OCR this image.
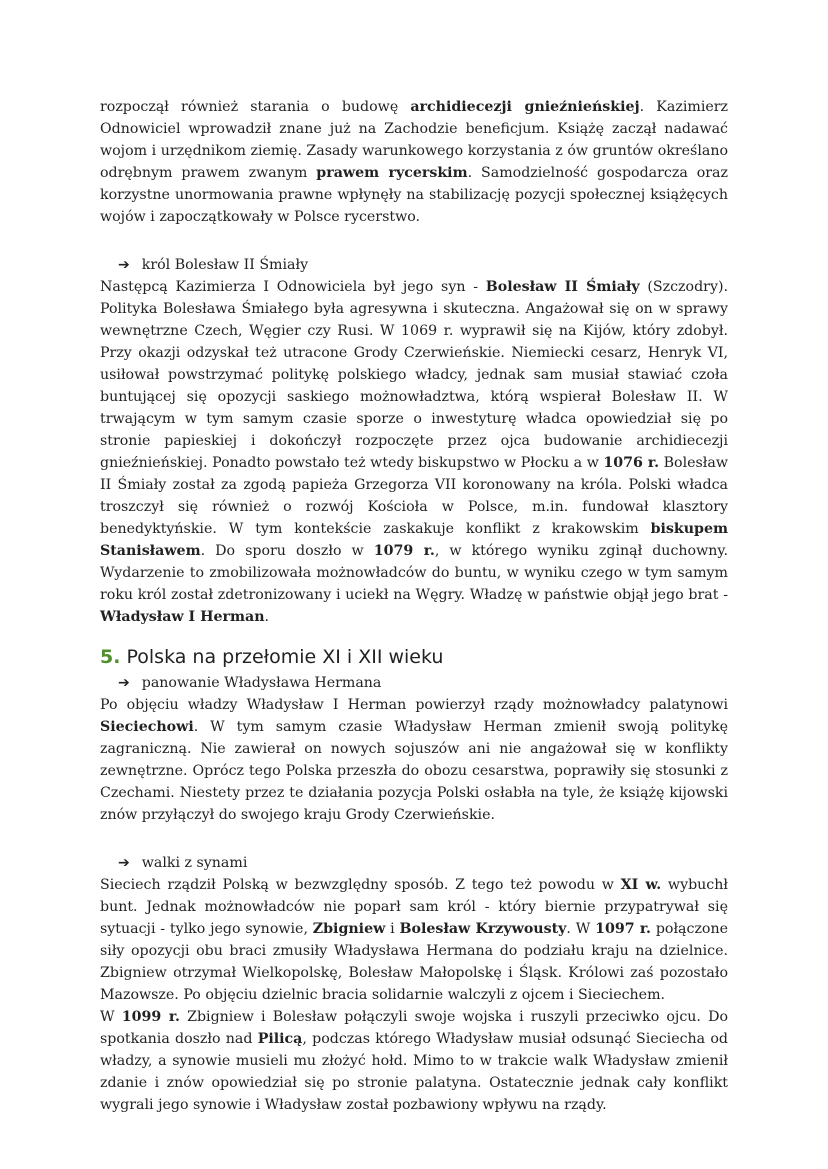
rozpoczął również starania o budowę archidiecezji gnieźnieńskiej. Kazimierz Odnowiciel wprowadził znane już na Zachodzie beneficjum. Książę zaczął nadawać wojom i urzędnikom ziemię. Zasady warunkowego korzystania z ów gruntów określano odrębnym prawem zwanym prawem rycerskim. Samodzielność gospodarcza oraz korzystne unormowania prawne wpłynęły na stabilizację pozycji społecznej książęcych wojów i zapoczątkowały w Polsce rycerstwo.

➔ król Bolesław II Śmiały

Następcą Kazimierza I Odnowiciela był jego syn - Bolesław II Śmiały (Szczodry). Polityka Bolesława Śmiałego była agresywna i skuteczna. Angażował się on w sprawy wewnętrzne Czech, Węgier czy Rusi. W 1069 r. wyprawił się na Kijów, który zdobył. Przy okazji odzyskał też utracone Grody Czerwieńskie. Niemiecki cesarz, Henryk VI, usiłował powstrzymać politykę polskiego władcy, jednak sam musiał stawiać czoła buntującej się opozycji saskiego możnowładztwa, którą wspierał Bolesław II. W trwającym w tym samym czasie sporze o inwestyturę władca opowiedział się po stronie papieskiej i dokończył rozpoczęte przez ojca budowanie archidiecezji gnieźnieńskiej. Ponadto powstało też wtedy biskupstwo w Płocku a w 1076 r. Bolesław II Śmiały został za zgodą papieża Grzegorza VII koronowany na króla. Polski władca troszczył się również o rozwój Kościoła w Polsce, m.in. fundował klasztory benedyktyńskie. W tym kontekście zaskakuje konflikt z krakowskim biskupem Stanisławem. Do sporu doszło w 1079 r., w którego wyniku zginął duchowny. Wydarzenie to zmobilizowała możnowładców do buntu, w wyniku czego w tym samym roku król został zdetronizowany i uciekł na Węgry. Władzę w państwie objął jego brat - Władysław I Herman.

5. Polska na przełomie XI i XII wieku
➔ panowanie Władysława Hermana

Po objęciu władzy Władysław I Herman powierzył rządy możnowładcy palatynowi Sieciechowi. W tym samym czasie Władysław Herman zmienił swoją politykę zagraniczną. Nie zawierał on nowych sojuszów ani nie angażował się w konflikty zewnętrzne. Oprócz tego Polska przeszła do obozu cesarstwa, poprawiły się stosunki z Czechami. Niestety przez te działania pozycja Polski osłabła na tyle, że książę kijowski znów przyłączył do swojego kraju Grody Czerwieńskie.

➔ walki z synami

Sieciech rządził Polską w bezwzględny sposób. Z tego też powodu w XI w. wybuchł bunt. Jednak możnowładców nie poparł sam król - który biernie przypatrywał się sytuacji - tylko jego synowie, Zbigniew i Bolesław Krzywousty. W 1097 r. połączone siły opozycji obu braci zmusiły Władysława Hermana do podziału kraju na dzielnice. Zbigniew otrzymał Wielkopolskę, Bolesław Małopolskę i Śląsk. Królowi zaś pozostało Mazowsze. Po objęciu dzielnic bracia solidarnie walczyli z ojcem i Sieciechem.

W 1099 r. Zbigniew i Bolesław połączyli swoje wojska i ruszyli przeciwko ojcu. Do spotkania doszło nad Pilicą, podczas którego Władysław musiał odsunąć Sieciecha od władzy, a synowie musieli mu złożyć hołd. Mimo to w trakcie walk Władysław zmienił zdanie i znów opowiedział się po stronie palatyna. Ostatecznie jednak cały konflikt wygrali jego synowie i Władysław został pozbawiony wpływu na rządy.
